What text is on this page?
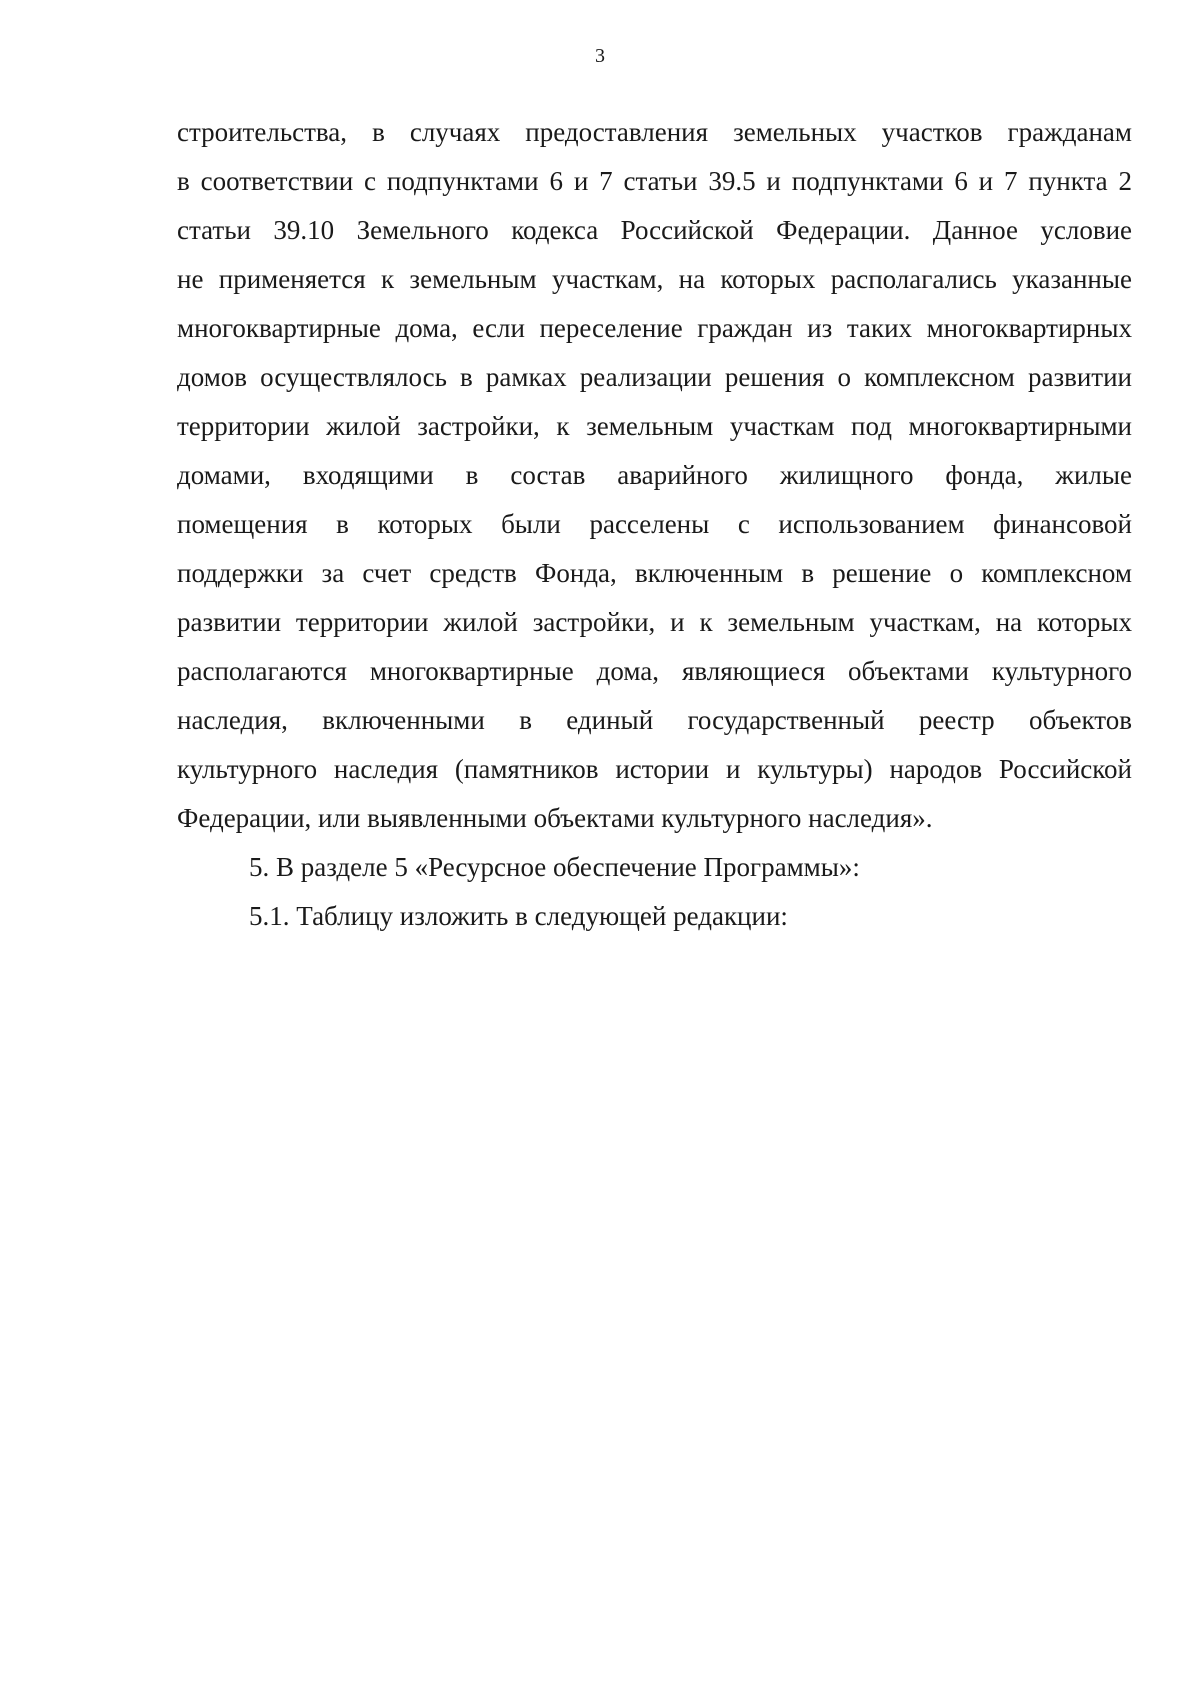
3
строительства, в случаях предоставления земельных участков гражданам
в соответствии с подпунктами 6 и 7 статьи 39.5 и подпунктами 6 и 7 пункта 2
статьи 39.10 Земельного кодекса Российской Федерации. Данное условие
не применяется к земельным участкам, на которых располагались указанные
многоквартирные дома, если переселение граждан из таких многоквартирных
домов осуществлялось в рамках реализации решения о комплексном развитии
территории жилой застройки, к земельным участкам под многоквартирными
домами, входящими в состав аварийного жилищного фонда, жилые
помещения в которых были расселены с использованием финансовой
поддержки за счет средств Фонда, включенным в решение о комплексном
развитии территории жилой застройки, и к земельным участкам, на которых
располагаются многоквартирные дома, являющиеся объектами культурного
наследия, включенными в единый государственный реестр объектов
культурного наследия (памятников истории и культуры) народов Российской
Федерации, или выявленными объектами культурного наследия».
5. В разделе 5 «Ресурсное обеспечение Программы»:
5.1. Таблицу изложить в следующей редакции:
